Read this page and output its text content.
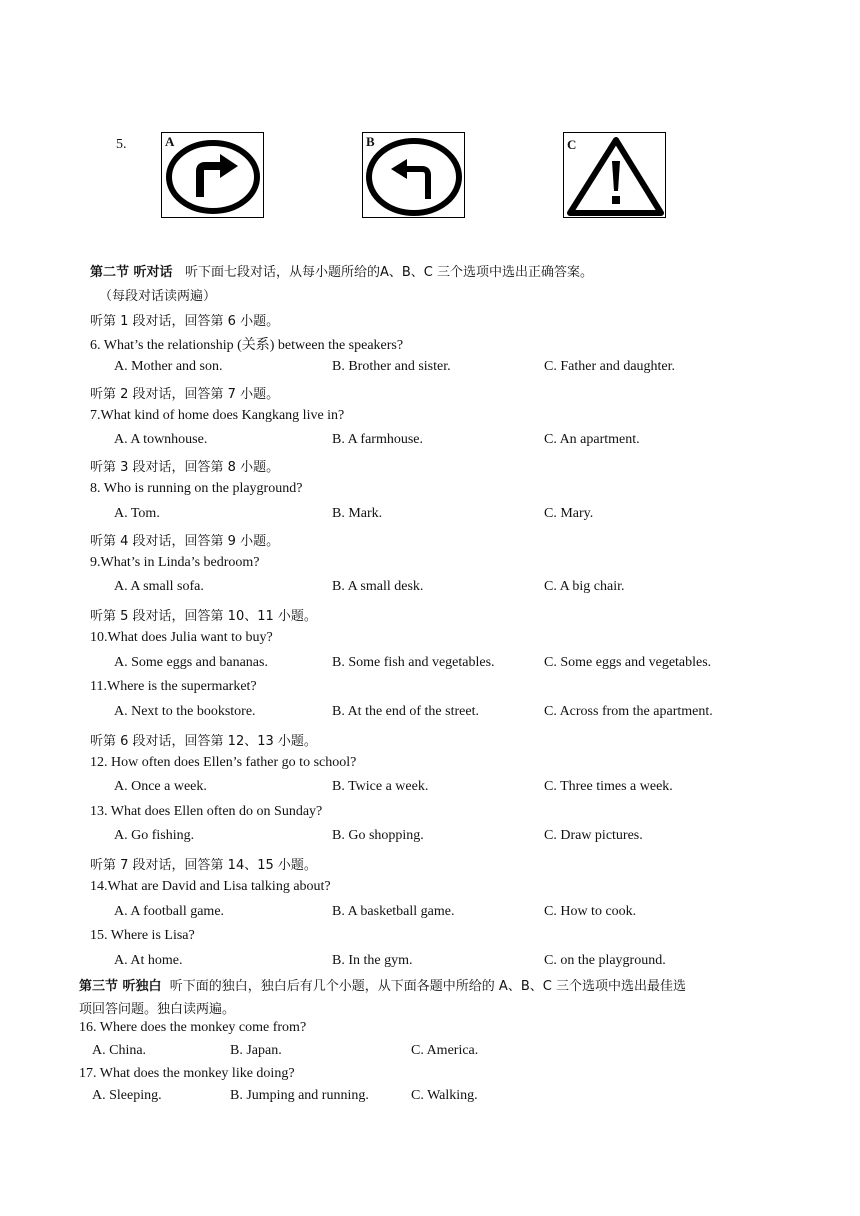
5.	A	B	C
第二节 听对话 听下面七段对话，从每小题所给的A、B、C 三个选项中选出正确答案。
（每段对话读两遍）
听第 1 段对话，回答第 6 小题。
6. What’s the relationship (关系) between the speakers?
A. Mother and son.	B. Brother and sister.	C. Father and daughter.
听第 2 段对话，回答第 7 小题。
7.What kind of home does Kangkang live in?
A. A townhouse.	B. A farmhouse.	C. An apartment.
听第 3 段对话，回答第 8 小题。
8. Who is running on the playground?
A. Tom.	B. Mark.	C. Mary.
听第 4 段对话，回答第 9 小题。
9.What’s in Linda’s bedroom?
A. A small sofa.	B. A small desk.	C. A big chair.
听第 5 段对话，回答第 10、11 小题。
10.What does Julia want to buy?
A. Some eggs and bananas.	B. Some fish and vegetables.	C. Some eggs and vegetables.
11.Where is the supermarket?
A. Next to the bookstore.	B. At the end of the street.	C. Across from the apartment.
听第 6 段对话，回答第 12、13 小题。
12. How often does Ellen’s father go to school?
A. Once a week.	B. Twice a week.	C. Three times a week.
13. What does Ellen often do on Sunday?
A. Go fishing.	B. Go shopping.	C. Draw pictures.
听第 7 段对话，回答第 14、15 小题。
14.What are David and Lisa talking about?
A. A football game.	B. A basketball game.	C. How to cook.
15. Where is Lisa?
A. At home.	B. In the gym.	C. on the playground.
第三节 听独白 听下面的独白，独白后有几个小题，从下面各题中所给的 A、B、C 三个选项中选出最佳选
项回答问题。独白读两遍。
16. Where does the monkey come from?
A. China.	B. Japan.	C. America.
17. What does the monkey like doing?
A. Sleeping.	B. Jumping and running.	C. Walking.
